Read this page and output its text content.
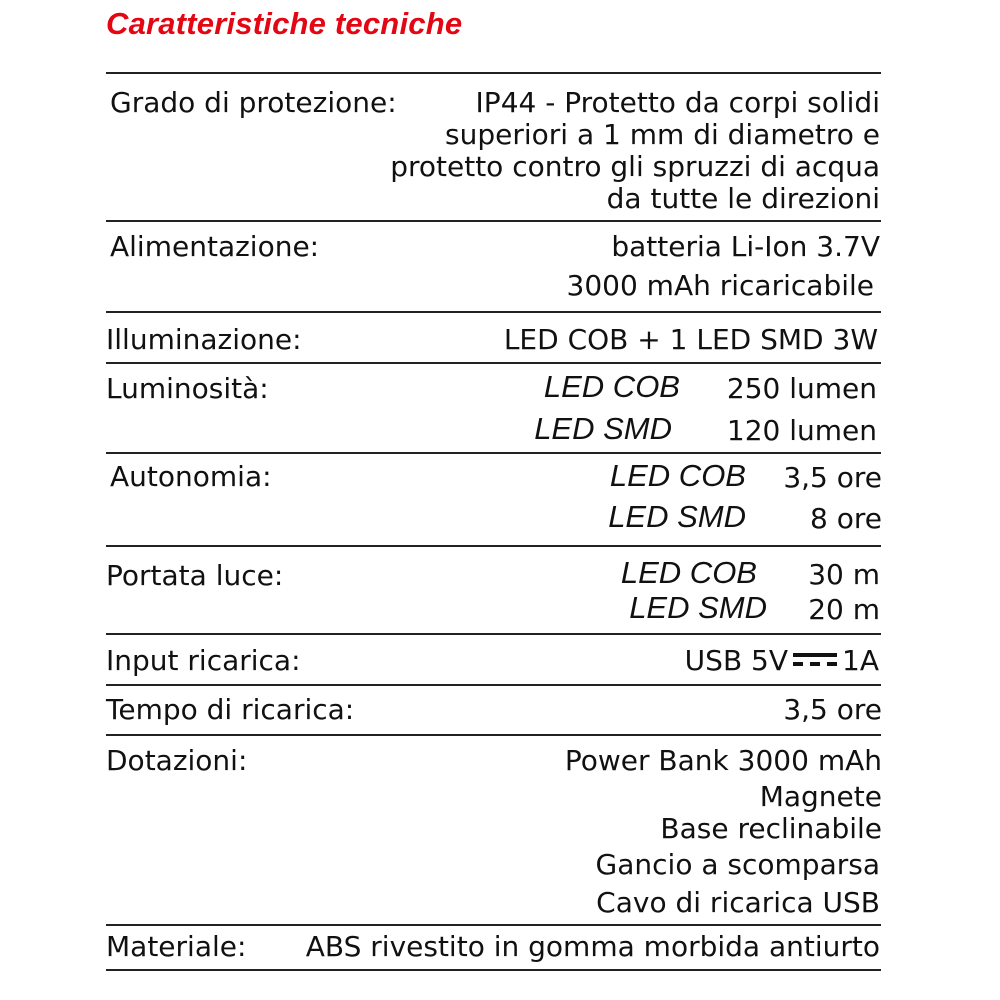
Caratteristiche tecniche
Grado di protezione:	IP44 - Protetto da corpi solidi
superiori a 1 mm di diametro e
protetto contro gli spruzzi di acqua
da tutte le direzioni
Alimentazione:	batteria Li-Ion 3.7V
3000 mAh ricaricabile
Illuminazione:	LED COB + 1 LED SMD 3W
Luminosità:	LED COB 250 lumen
LED SMD 120 lumen
Autonomia:	LED COB 3,5 ore
LED SMD 8 ore
Portata luce:	LED COB 30 m
LED SMD 20 m
Input ricarica:	USB 5V 1A
Tempo di ricarica:	3,5 ore
Dotazioni:	Power Bank 3000 mAh
Magnete
Base reclinabile
Gancio a scomparsa
Cavo di ricarica USB
Materiale: ABS rivestito in gomma morbida antiurto
